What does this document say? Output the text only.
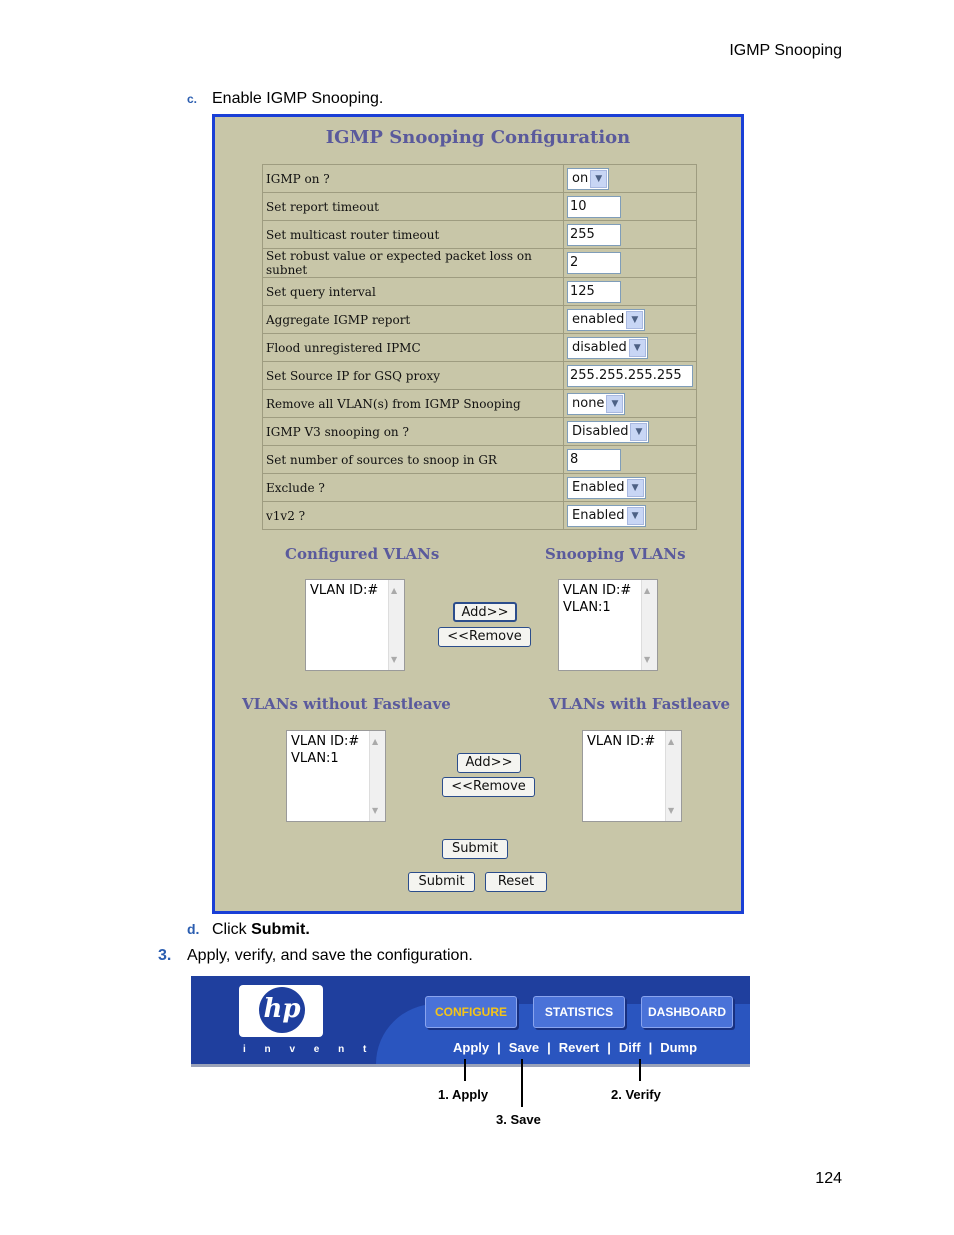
IGMP Snooping
c. Enable IGMP Snooping.
IGMP Snooping Configuration
IGMP on ?	on ▼

Set report timeout	10
Set multicast router timeout	255
Set robust value or expected packet loss on subnet	2
Set query interval	125
Aggregate IGMP report	enabled ▼

Flood unregistered IPMC	disabled ▼

Set Source IP for GSQ proxy	255.255.255.255
Remove all VLAN(s) from IGMP Snooping	none ▼

IGMP V3 snooping on ?	Disabled ▼

Set number of sources to snoop in GR	8
Exclude ?	Enabled ▼

v1v2 ?	Enabled ▼
Configured VLANs	Snooping VLANs
VLAN ID:#	▲
▼
Add>>
<<Remove
VLAN ID:#
VLAN:1
▲
▼
VLANs without Fastleave	VLANs with Fastleave
VLAN ID:#
VLAN:1
▲
▼
Add>>
<<Remove
VLAN ID:#	▲
▼
Submit
Submit	Reset
d. Click Submit.
3. Apply, verify, and save the configuration.
hp
i n v e n t
CONFIGURE	STATISTICS	DASHBOARD
Apply | Save | Revert | Diff | Dump
1. Apply	2. Verify
3. Save
124
